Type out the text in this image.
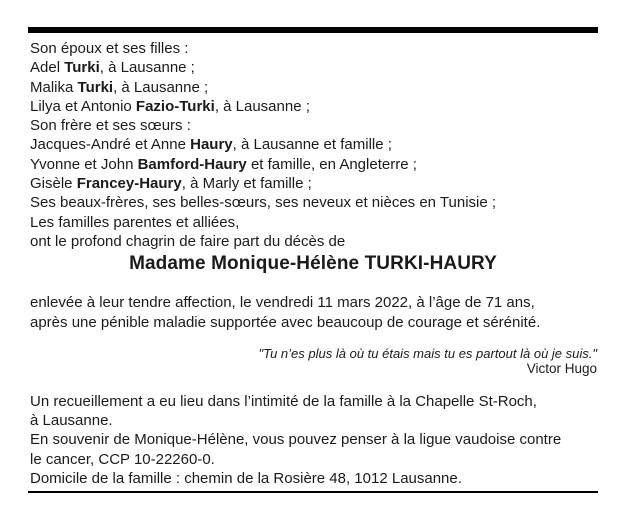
Son époux et ses filles :
Adel Turki, à Lausanne ;
Malika Turki, à Lausanne ;
Lilya et Antonio Fazio-Turki, à Lausanne ;
Son frère et ses sœurs :
Jacques-André et Anne Haury, à Lausanne et famille ;
Yvonne et John Bamford-Haury et famille, en Angleterre ;
Gisèle Francey-Haury, à Marly et famille ;
Ses beaux-frères, ses belles-sœurs, ses neveux et nièces en Tunisie ;
Les familles parentes et alliées,
ont le profond chagrin de faire part du décès de
Madame Monique-Hélène TURKI-HAURY
enlevée à leur tendre affection, le vendredi 11 mars 2022, à l’âge de 71 ans,
après une pénible maladie supportée avec beaucoup de courage et sérénité.
"Tu n’es plus là où tu étais mais tu es partout là où je suis."
Victor Hugo
Un recueillement a eu lieu dans l’intimité de la famille à la Chapelle St-Roch,
à Lausanne.
En souvenir de Monique-Hélène, vous pouvez penser à la ligue vaudoise contre
le cancer, CCP 10-22260-0.
Domicile de la famille : chemin de la Rosière 48, 1012 Lausanne.
